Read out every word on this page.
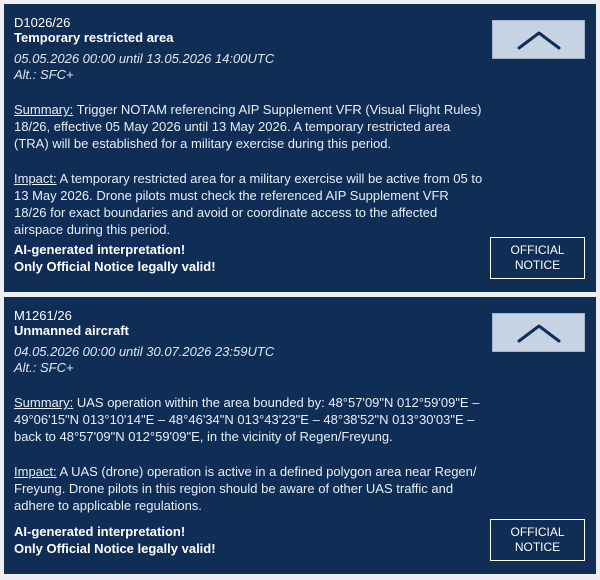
D1026/26
Temporary restricted area
05.05.2026 00:00 until 13.05.2026 14:00UTC
Alt.: SFC+
Summary: Trigger NOTAM referencing AIP Supplement VFR (Visual Flight Rules) 18/26, effective 05 May 2026 until 13 May 2026. A temporary restricted area (TRA) will be established for a military exercise during this period.
Impact: A temporary restricted area for a military exercise will be active from 05 to 13 May 2026. Drone pilots must check the referenced AIP Supplement VFR 18/26 for exact boundaries and avoid or coordinate access to the affected airspace during this period.
AI-generated interpretation!
Only Official Notice legally valid!
OFFICIAL NOTICE
M1261/26
Unmanned aircraft
04.05.2026 00:00 until 30.07.2026 23:59UTC
Alt.: SFC+
Summary: UAS operation within the area bounded by: 48°57'09"N 012°59'09"E – 49°06'15"N 013°10'14"E – 48°46'34"N 013°43'23"E – 48°38'52"N 013°30'03"E – back to 48°57'09"N 012°59'09"E, in the vicinity of Regen/Freyung.
Impact: A UAS (drone) operation is active in a defined polygon area near Regen/ Freyung. Drone pilots in this region should be aware of other UAS traffic and adhere to applicable regulations.
AI-generated interpretation!
Only Official Notice legally valid!
OFFICIAL NOTICE
